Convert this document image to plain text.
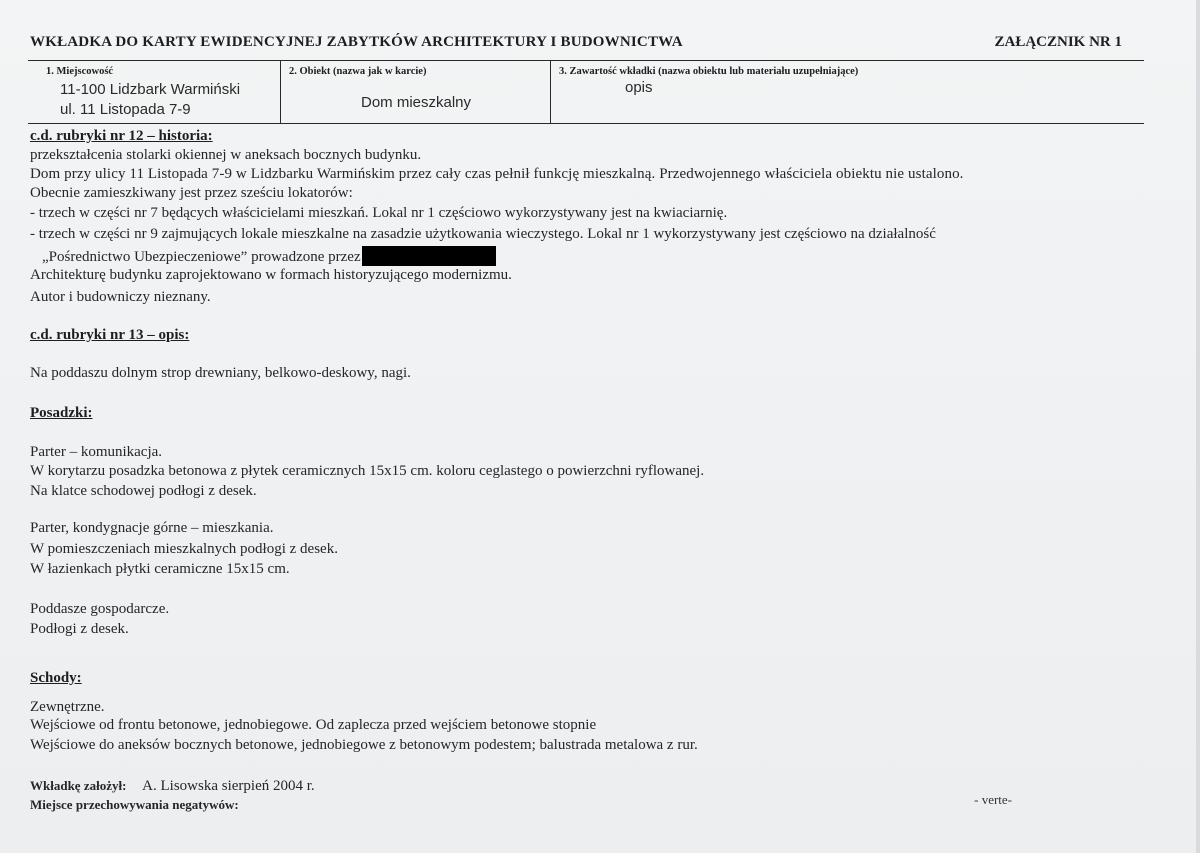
WKŁADKA DO KARTY EWIDENCYJNEJ ZABYTKÓW ARCHITEKTURY I BUDOWNICTWA	ZAŁĄCZNIK NR 1
1. Miejscowość
11-100 Lidzbark Warmiński
ul. 11 Listopada 7-9
2. Obiekt (nazwa jak w karcie)
Dom mieszkalny
3. Zawartość wkładki (nazwa obiektu lub materiału uzupełniające)
opis
c.d. rubryki nr 12 – historia:
przekształcenia stolarki okiennej w aneksach bocznych budynku.
Dom przy ulicy 11 Listopada 7-9 w Lidzbarku Warmińskim przez cały czas pełnił funkcję mieszkalną. Przedwojennego właściciela obiektu nie ustalono.
Obecnie zamieszkiwany jest przez sześciu lokatorów:
- trzech w części nr 7 będących właścicielami mieszkań. Lokal nr 1 częściowo wykorzystywany jest na kwiaciarnię.
- trzech w części nr 9 zajmujących lokale mieszkalne na zasadzie użytkowania wieczystego. Lokal nr 1 wykorzystywany jest częściowo na działalność
„Pośrednictwo Ubezpieczeniowe” prowadzone przez
Architekturę budynku zaprojektowano w formach historyzującego modernizmu.
Autor i budowniczy nieznany.
c.d. rubryki nr 13 – opis:
Na poddaszu dolnym strop drewniany, belkowo-deskowy, nagi.
Posadzki:
Parter – komunikacja.
W korytarzu posadzka betonowa z płytek ceramicznych 15x15 cm. koloru ceglastego o powierzchni ryflowanej.
Na klatce schodowej podłogi z desek.
Parter, kondygnacje górne – mieszkania.
W pomieszczeniach mieszkalnych podłogi z desek.
W łazienkach płytki ceramiczne 15x15 cm.
Poddasze gospodarcze.
Podłogi z desek.
Schody:
Zewnętrzne.
Wejściowe od frontu betonowe, jednobiegowe. Od zaplecza przed wejściem betonowe stopnie
Wejściowe do aneksów bocznych betonowe, jednobiegowe z betonowym podestem; balustrada metalowa z rur.
Wkładkę założył: A. Lisowska sierpień 2004 r.
Miejsce przechowywania negatywów:	- verte-
